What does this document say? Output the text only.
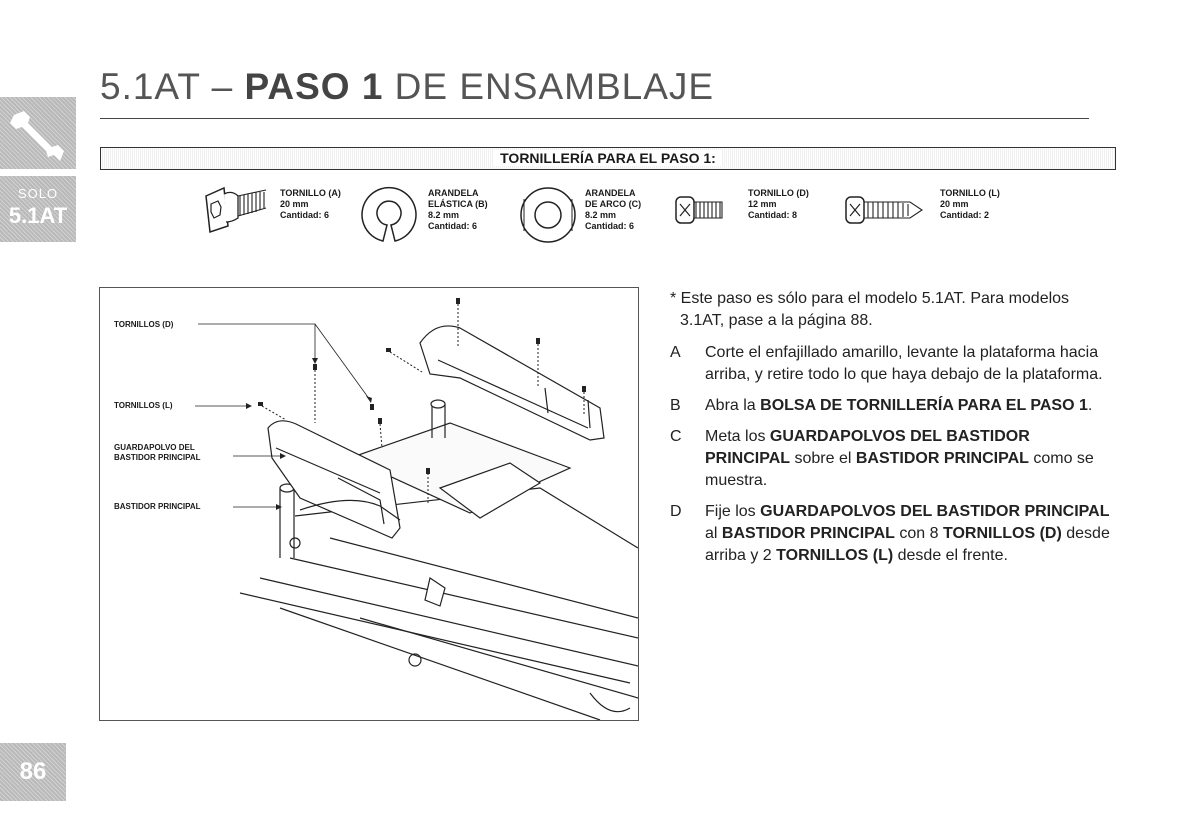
SOLO
5.1AT
86
5.1AT – PASO 1 DE ENSAMBLAJE
TORNILLERÍA PARA EL PASO 1:
TORNILLO (A)
20 mm
Cantidad: 6
ARANDELA
ELÁSTICA (B)
8.2 mm
Cantidad: 6
ARANDELA
DE ARCO (C)
8.2 mm
Cantidad: 6
TORNILLO (D)
12 mm
Cantidad: 8
TORNILLO (L)
20 mm
Cantidad: 2
TORNILLOS (D)
TORNILLOS (L)
GUARDAPOLVO DEL
BASTIDOR PRINCIPAL
BASTIDOR PRINCIPAL

* Este paso es sólo para el modelo 5.1AT. Para modelos 3.1AT, pase a la página 88.

A	Corte el enfajillado amarillo, levante la plataforma hacia arriba, y retire todo lo que haya debajo de la plataforma.
B	Abra la BOLSA DE TORNILLERÍA PARA EL PASO 1.
C	Meta los GUARDAPOLVOS DEL BASTIDOR PRINCIPAL sobre el BASTIDOR PRINCIPAL como se muestra.
D	Fije los GUARDAPOLVOS DEL BASTIDOR PRINCIPAL al BASTIDOR PRINCIPAL con 8 TORNILLOS (D) desde arriba y 2 TORNILLOS (L) desde el frente.
